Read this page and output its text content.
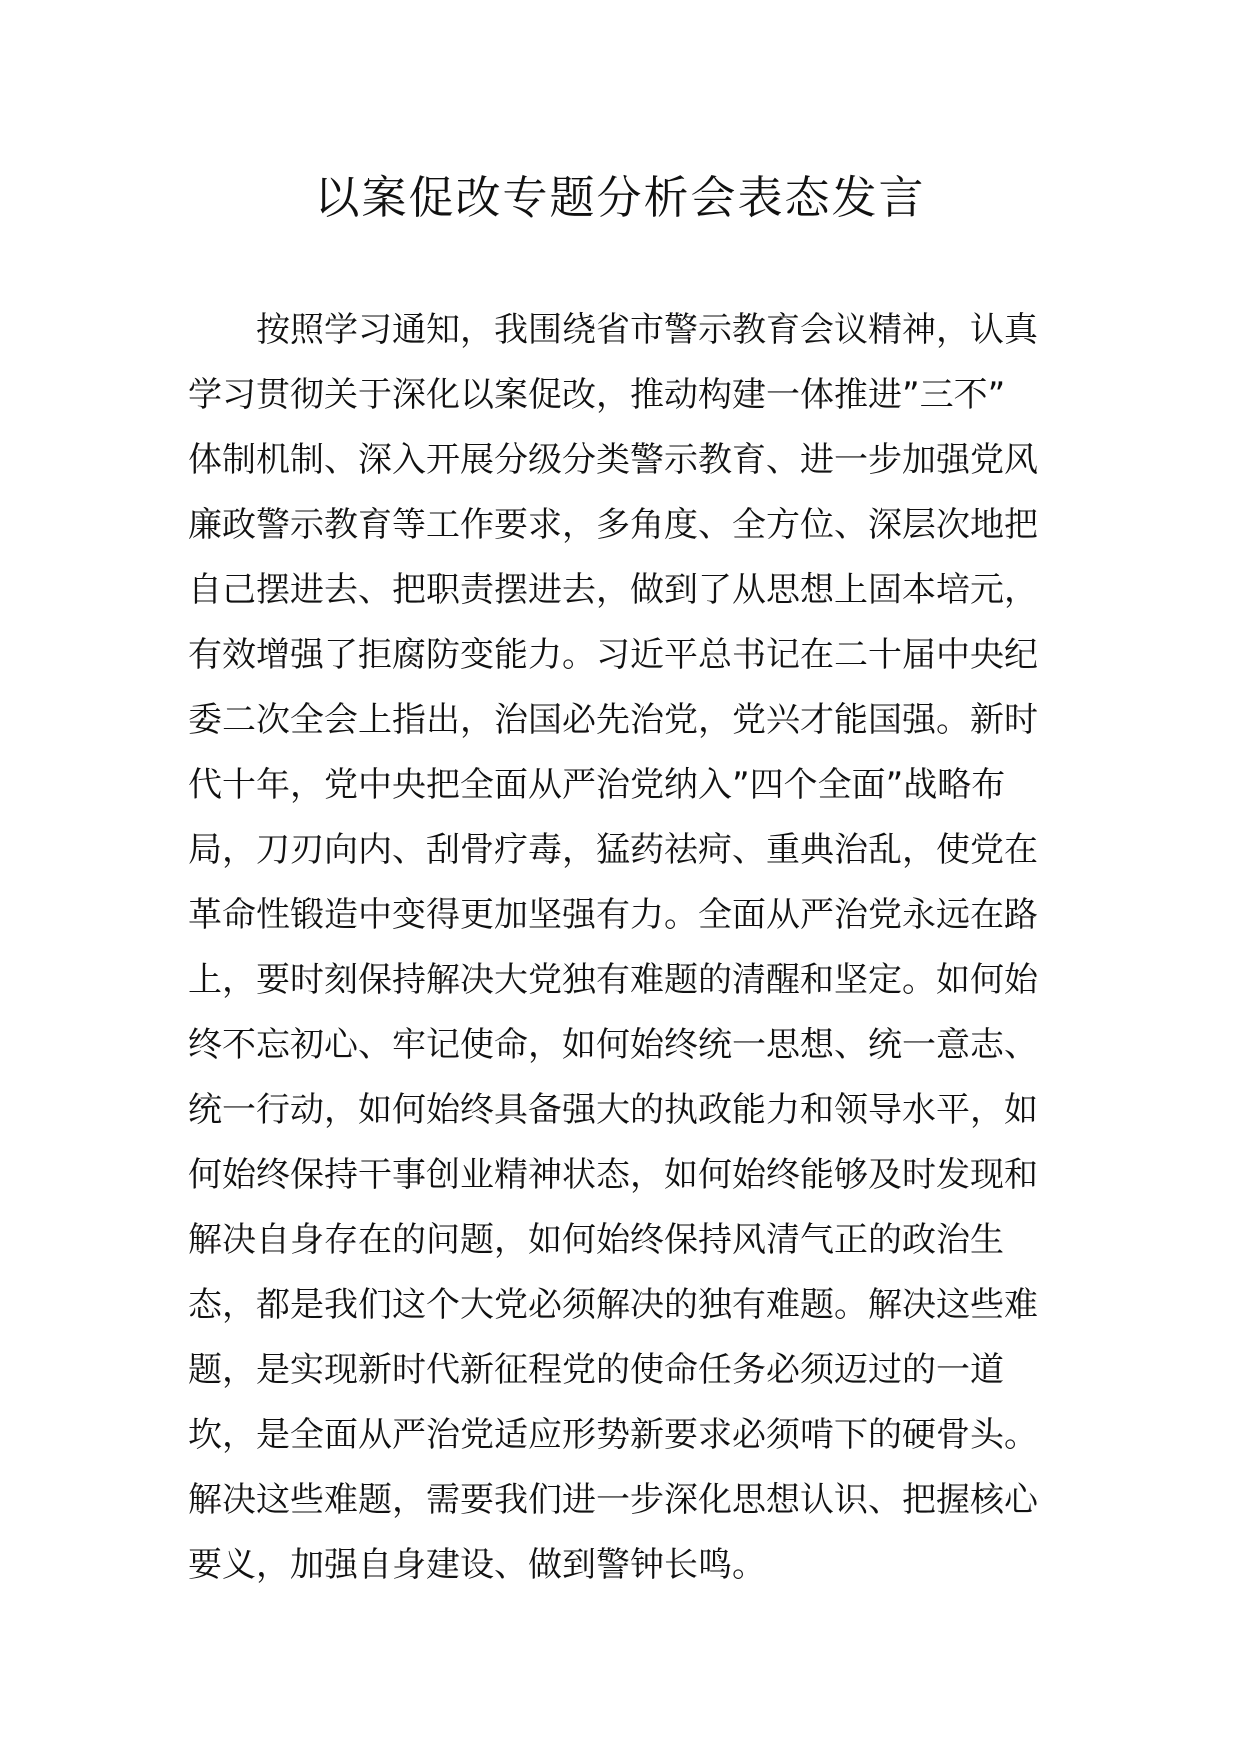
以案促改专题分析会表态发言
按照学习通知，我围绕省市警示教育会议精神，认真
学习贯彻关于深化以案促改，推动构建一体推进”三不”
体制机制、深入开展分级分类警示教育、进一步加强党风
廉政警示教育等工作要求，多角度、全方位、深层次地把
自己摆进去、把职责摆进去，做到了从思想上固本培元，
有效增强了拒腐防变能力。习近平总书记在二十届中央纪
委二次全会上指出，治国必先治党，党兴才能国强。新时
代十年，党中央把全面从严治党纳入”四个全面”战略布
局，刀刃向内、刮骨疗毒，猛药祛疴、重典治乱，使党在
革命性锻造中变得更加坚强有力。全面从严治党永远在路
上，要时刻保持解决大党独有难题的清醒和坚定。如何始
终不忘初心、牢记使命，如何始终统一思想、统一意志、
统一行动，如何始终具备强大的执政能力和领导水平，如
何始终保持干事创业精神状态，如何始终能够及时发现和
解决自身存在的问题，如何始终保持风清气正的政治生
态，都是我们这个大党必须解决的独有难题。解决这些难
题，是实现新时代新征程党的使命任务必须迈过的一道
坎，是全面从严治党适应形势新要求必须啃下的硬骨头。
解决这些难题，需要我们进一步深化思想认识、把握核心
要义，加强自身建设、做到警钟长鸣。
